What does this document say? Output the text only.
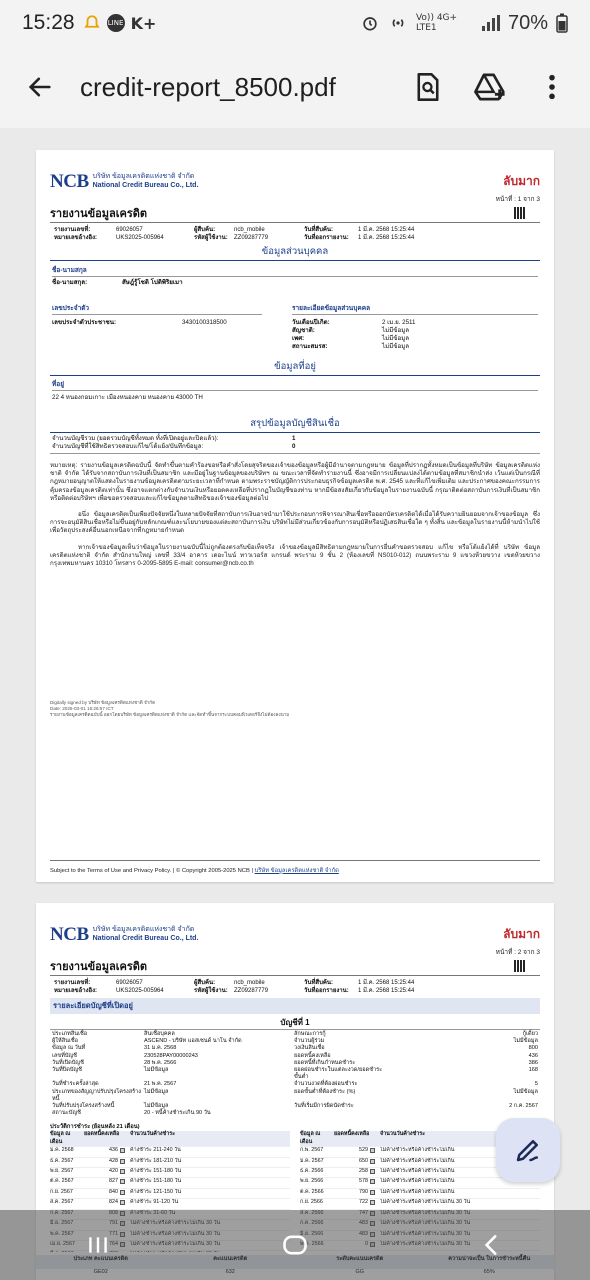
15:28	LINE K+	Vo)) 4G+ LTE1	70%
credit-report_8500.pdf
NCB บริษัท ข้อมูลเครดิตแห่งชาติ จำกัด
National Credit Bureau Co., Ltd.	ลับมาก
หน้าที่ : 1 จาก 3
รายงานข้อมูลเครดิต
รายงานเลขที่:	69026057	ผู้สืบค้น:	ncb_mobile	วันที่สืบค้น:	1 มี.ค. 2568 15:25:44
หมายเลขอ้างอิง:	UKS2025-005964	รหัสผู้ใช้งาน:	ZZ09287779	วันที่ออกรายงาน:	1 มี.ค. 2568 15:25:44
ข้อมูลส่วนบุคคล
ชื่อ-นามสกุล
ชื่อ-นามสกุล:	สัษฎ์รู้โชติ โปดิพิริยเมา
เลขประจำตัว
เลขประจำตัวประชาชน:	3430100318500
รายละเอียดข้อมูลส่วนบุคคล
วันเดือนปีเกิด:	2 เม.ย. 2511
สัญชาติ:	ไม่มีข้อมูล
เพศ:	ไม่มีข้อมูล
สถานะสมรส:	ไม่มีข้อมูล
ข้อมูลที่อยู่
ที่อยู่
22 4 หนองกอมเกาะ เมืองหนองคาย หนองคาย 43000 TH
สรุปข้อมูลบัญชีสินเชื่อ
จำนวนบัญชีรวม (ยอดรวมบัญชีทั้งหมด ทั้งที่เปิดอยู่และปิดแล้ว):	1
จำนวนบัญชีที่ใช้สิทธิตรวจสอบแก้ไข/โต้แย้ง/บันทึกข้อมูล:	0
หมายเหตุ: รายงานข้อมูลเครดิตฉบับนี้ จัดทำขึ้นตามคำร้องขอหรือคำสั่งโดยสุจริตของเจ้าของข้อมูลหรือผู้มีอำนาจตามกฎหมาย ข้อมูลที่ปรากฏทั้งหมดเป็นข้อมูลที่บริษัท ข้อมูลเครดิตแห่งชาติ จำกัด ได้รับจากสถาบันการเงินที่เป็นสมาชิก และมีอยู่ในฐานข้อมูลของบริษัทฯ ณ ขณะเวลาที่จัดทำรายงานนี้ ซึ่งอาจมีการเปลี่ยนแปลงได้ตามข้อมูลที่สมาชิกนำส่ง เว้นแต่เป็นกรณีที่กฎหมายอนุญาตให้แสดงในรายงานข้อมูลเครดิตตามระยะเวลาที่กำหนด ตามพระราชบัญญัติการประกอบธุรกิจข้อมูลเครดิต พ.ศ. 2545 และที่แก้ไขเพิ่มเติม และประกาศของคณะกรรมการคุ้มครองข้อมูลเครดิตเท่านั้น ซึ่งอาจแตกต่างกับจำนวนเงินหรือยอดคงเหลือที่ปรากฏในบัญชีของท่าน หากมีข้อสงสัยเกี่ยวกับข้อมูลในรายงานฉบับนี้ กรุณาติดต่อสถาบันการเงินที่เป็นสมาชิก หรือติดต่อบริษัทฯ เพื่อขอตรวจสอบและแก้ไขข้อมูลตามสิทธิของเจ้าของข้อมูลต่อไป
อนึ่ง ข้อมูลเครดิตเป็นเพียงปัจจัยหนึ่งในหลายปัจจัยที่สถาบันการเงินอาจนำมาใช้ประกอบการพิจารณาสินเชื่อหรือออกบัตรเครดิตได้เมื่อได้รับความยินยอมจากเจ้าของข้อมูล ซึ่งการจะอนุมัติสินเชื่อหรือไม่ขึ้นอยู่กับหลักเกณฑ์และนโยบายของแต่ละสถาบันการเงิน บริษัทไม่มีส่วนเกี่ยวข้องกับการอนุมัติหรือปฏิเสธสินเชื่อใด ๆ ทั้งสิ้น และข้อมูลในรายงานนี้ห้ามนำไปใช้เพื่อวัตถุประสงค์อื่นนอกเหนือจากที่กฎหมายกำหนด
หากเจ้าของข้อมูลเห็นว่าข้อมูลในรายงานฉบับนี้ไม่ถูกต้องตรงกับข้อเท็จจริง เจ้าของข้อมูลมีสิทธิตามกฎหมายในการยื่นคำขอตรวจสอบ แก้ไข หรือโต้แย้งได้ที่ บริษัท ข้อมูลเครดิตแห่งชาติ จำกัด สำนักงานใหญ่ เลขที่ 33/4 อาคาร เดอะไนน์ ทาวเวอร์ส แกรนด์ พระราม 9 ชั้น 2 (ห้องเลขที่ NS010-012) ถนนพระราม 9 แขวงห้วยขวาง เขตห้วยขวาง กรุงเทพมหานคร 10310 โทรสาร 0-2095-5895 E-mail: consumer@ncb.co.th
Digitally signed by บริษัท ข้อมูลเครดิตแห่งชาติ จำกัด
Date: 2025-03-01 15:26:57 ICT
รายงานข้อมูลเครดิตฉบับนี้ ออกโดยบริษัท ข้อมูลเครดิตแห่งชาติ จำกัด และจัดทำขึ้นจากระบบคอมพิวเตอร์จึงไม่ต้องลงนาม
Subject to the Terms of Use and Privacy Policy. | © Copyright 2005-2025 NCB | บริษัท ข้อมูลเครดิตแห่งชาติ จำกัด
NCB บริษัท ข้อมูลเครดิตแห่งชาติ จำกัด
National Credit Bureau Co., Ltd.	ลับมาก
หน้าที่ : 2 จาก 3
รายงานข้อมูลเครดิต
รายงานเลขที่:	69026057	ผู้สืบค้น:	ncb_mobile	วันที่สืบค้น:	1 มี.ค. 2568 15:25:44
หมายเลขอ้างอิง:	UKS2025-005964	รหัสผู้ใช้งาน:	ZZ09287779	วันที่ออกรายงาน:	1 มี.ค. 2568 15:25:44
รายละเอียดบัญชีที่เปิดอยู่
บัญชีที่ 1
ประเภทสินเชื่อ	สินเชื่อบุคคล	ลักษณะการกู้	กู้เดี่ยว
ผู้ให้สินเชื่อ	ASCEND - บริษัท แอสเซนด์ นาโน จำกัด	จำนวนผู้ร่วม	ไม่มีข้อมูล
ข้อมูล ณ วันที่	31 ม.ค. 2568	วงเงินสินเชื่อ	800
เลขที่บัญชี	230528PAY00000243	ยอดหนี้คงเหลือ	436
วันที่เปิดบัญชี	28 พ.ค. 2566	ยอดหนี้ที่เกินกำหนดชำระ	386
วันที่ปิดบัญชี	ไม่มีข้อมูล	ยอดผ่อนชำระในแต่ละงวด/ยอดชำระขั้นต่ำ
168
วันที่ชำระครั้งล่าสุด	21 พ.ค. 2567	จำนวนงวดที่ต้องผ่อนชำระ	5
ประเภทของสัญญาปรับปรุงโครงสร้างหนี้
ไม่มีข้อมูล	ยอดขั้นต่ำที่ต้องชำระ (%)	ไม่มีข้อมูล
วันที่ปรับปรุงโครงสร้างหนี้	ไม่มีข้อมูล	วันที่เริ่มมีการผิดนัดชำระ	2 ก.ค. 2567
สถานะบัญชี	20 - หนี้ค้างชำระเกิน 90 วัน
ประวัติการชำระ (ย้อนหลัง 21 เดือน)
ข้อมูล ณ เดือน
ยอดหนี้คงเหลือ จำนวนวันค้างชำระ
ม.ค. 2568	436	ค้างชำระ 211-240 วัน
ธ.ค. 2567	428	ค้างชำระ 181-210 วัน
พ.ย. 2567	420	ค้างชำระ 151-180 วัน
ต.ค. 2567	827	ค้างชำระ 151-180 วัน
ก.ย. 2567	840	ค้างชำระ 121-150 วัน
ส.ค. 2567	824	ค้างชำระ 91-120 วัน
ข้อมูล ณ เดือน
ยอดหนี้คงเหลือ จำนวนวันค้างชำระ
ก.พ. 2567	529	ไม่ค้างชำระหรือค้างชำระไม่เกิน
ม.ค. 2567	650	ไม่ค้างชำระหรือค้างชำระไม่เกิน
ธ.ค. 2566	258	ไม่ค้างชำระหรือค้างชำระไม่เกิน
พ.ย. 2566	578	ไม่ค้างชำระหรือค้างชำระไม่เกิน
ต.ค. 2566	790	ไม่ค้างชำระหรือค้างชำระไม่เกิน
ก.ย. 2566	722	ไม่ค้างชำระหรือค้างชำระไม่เกิน 30 วัน
